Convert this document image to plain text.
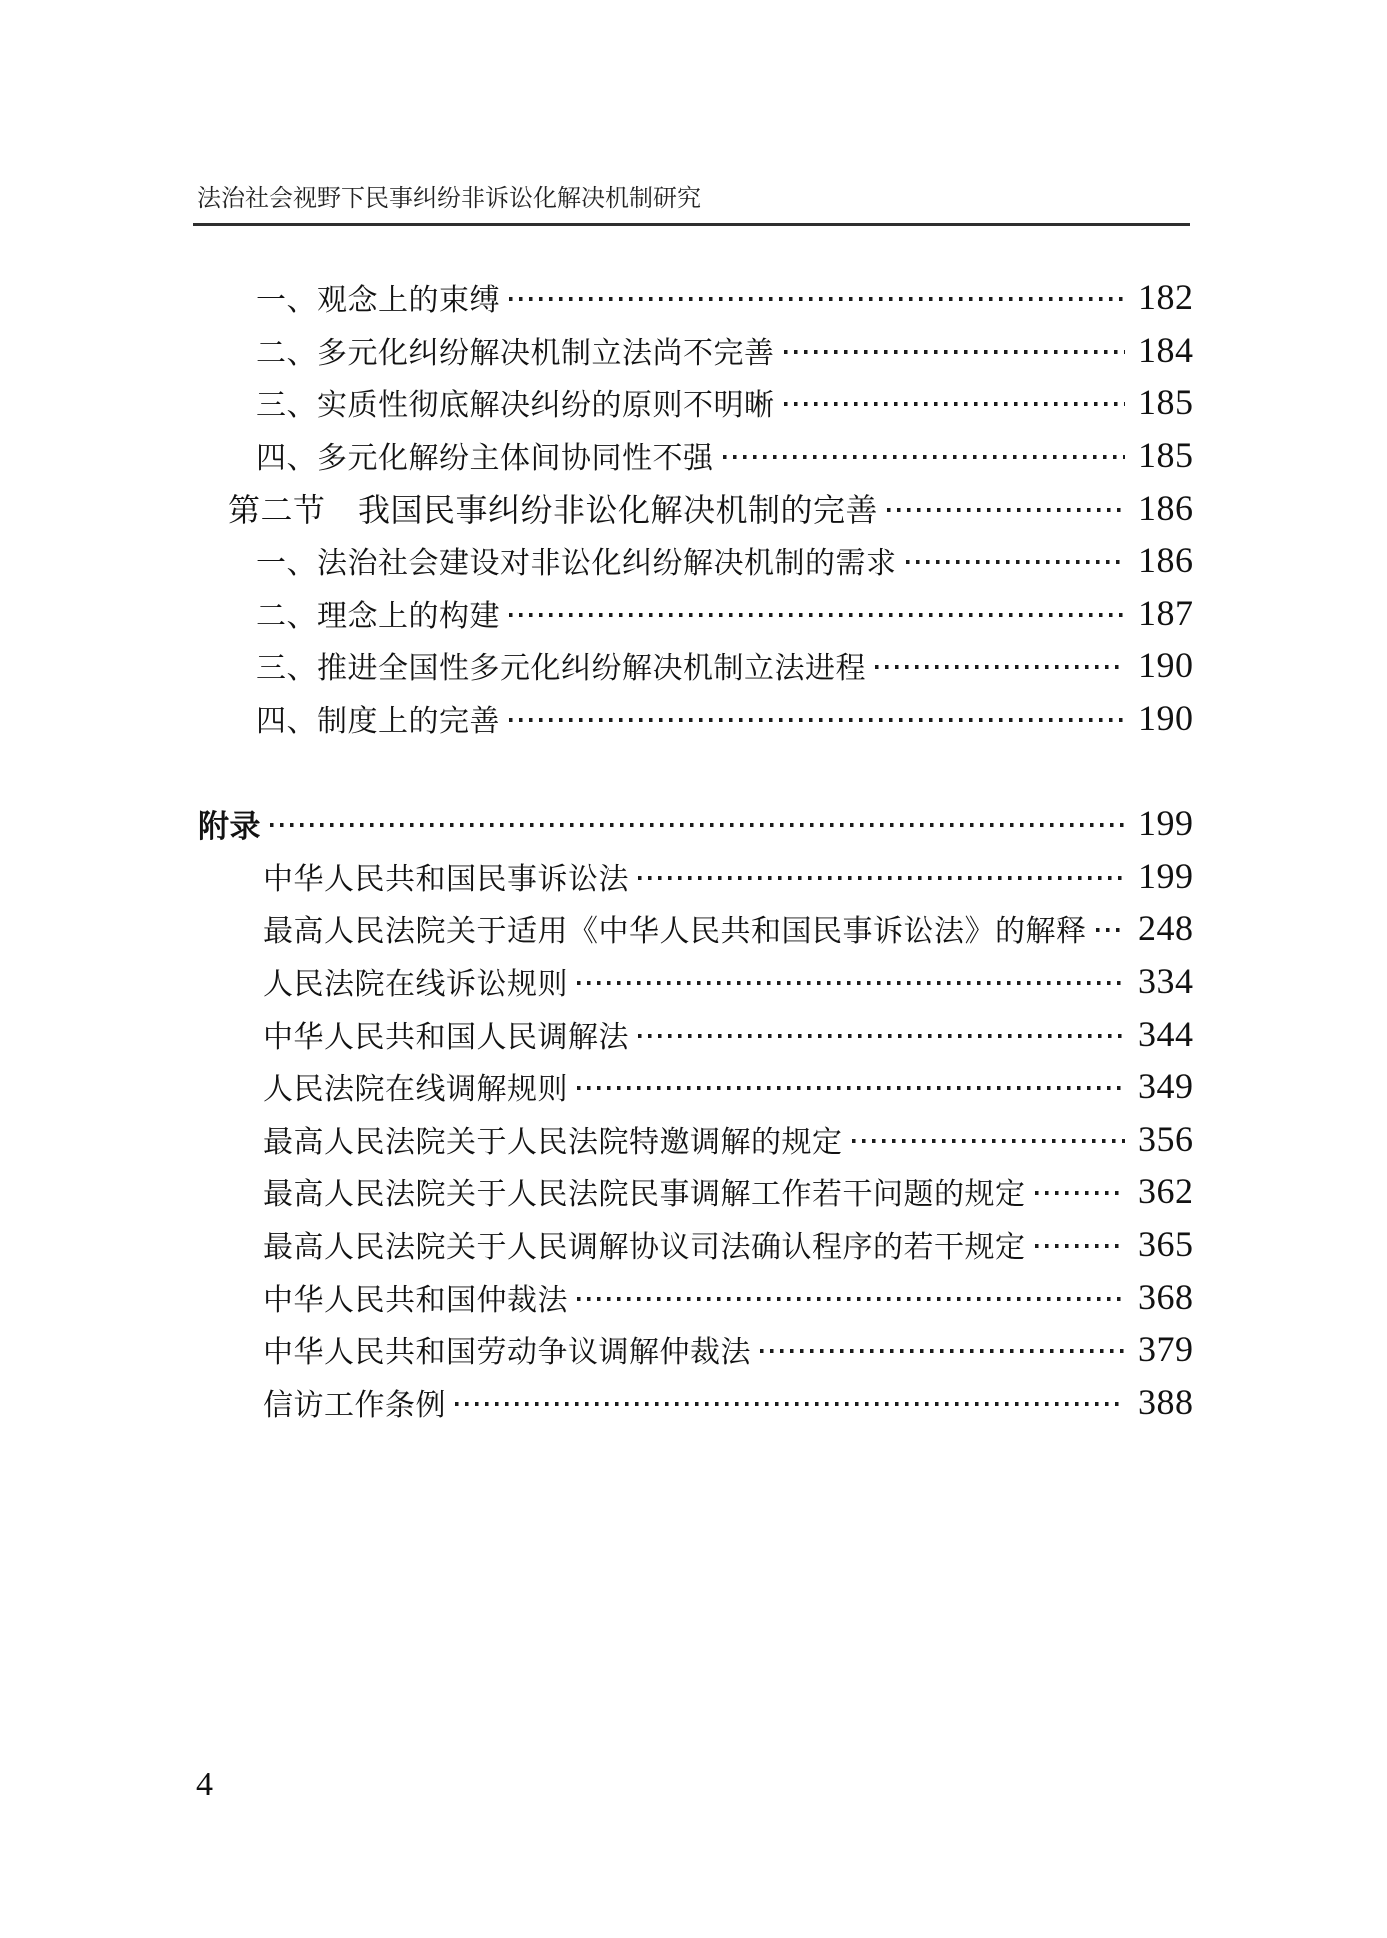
法治社会视野下民事纠纷非诉讼化解决机制研究
一、观念上的束缚	182
二、多元化纠纷解决机制立法尚不完善	184
三、实质性彻底解决纠纷的原则不明晰	185
四、多元化解纷主体间协同性不强	185
第二节　我国民事纠纷非讼化解决机制的完善	186
一、法治社会建设对非讼化纠纷解决机制的需求	186
二、理念上的构建	187
三、推进全国性多元化纠纷解决机制立法进程	190
四、制度上的完善	190
附录	199
中华人民共和国民事诉讼法	199
最高人民法院关于适用《中华人民共和国民事诉讼法》的解释 248
人民法院在线诉讼规则	334
中华人民共和国人民调解法	344
人民法院在线调解规则	349
最高人民法院关于人民法院特邀调解的规定	356
最高人民法院关于人民法院民事调解工作若干问题的规定	362
最高人民法院关于人民调解协议司法确认程序的若干规定	365
中华人民共和国仲裁法	368
中华人民共和国劳动争议调解仲裁法	379
信访工作条例	388
4
